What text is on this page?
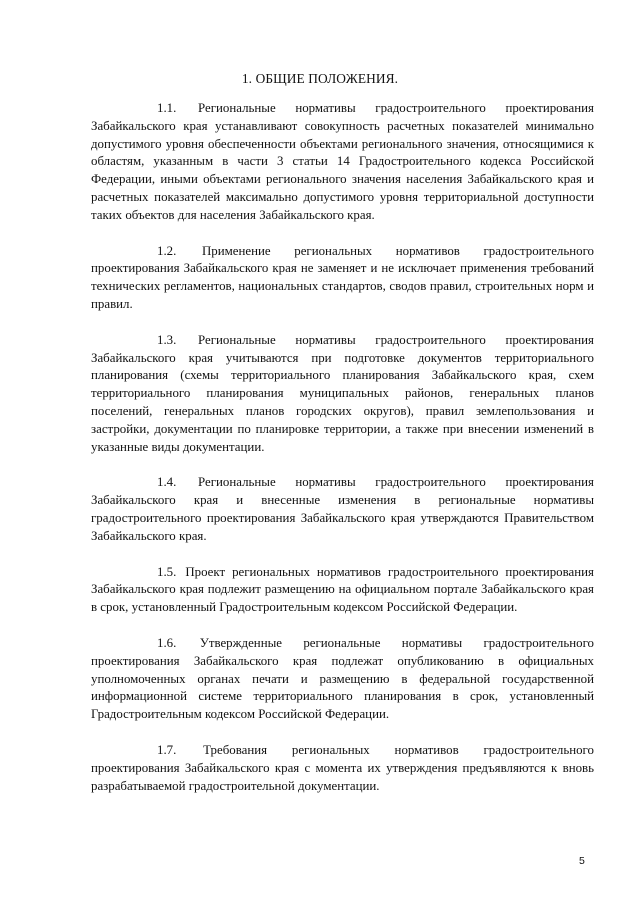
1. ОБЩИЕ ПОЛОЖЕНИЯ.

1.1. Региональные нормативы градостроительного проектирования Забайкальского края устанавливают совокупность расчетных показателей минимально допустимого уровня обеспеченности объектами регионального значения, относящимися к областям, указанным в части 3 статьи 14 Градостроительного кодекса Российской Федерации, иными объектами регионального значения населения Забайкальского края и расчетных показателей максимально допустимого уровня территориальной доступности таких объектов для населения Забайкальского края.

1.2. Применение региональных нормативов градостроительного проектирования Забайкальского края не заменяет и не исключает применения требований технических регламентов, национальных стандартов, сводов правил, строительных норм и правил.

1.3. Региональные нормативы градостроительного проектирования Забайкальского края учитываются при подготовке документов территориального планирования (схемы территориального планирования Забайкальского края, схем территориального планирования муниципальных районов, генеральных планов поселений, генеральных планов городских округов), правил землепользования и застройки, документации по планировке территории, а также при внесении изменений в указанные виды документации.

1.4. Региональные нормативы градостроительного проектирования Забайкальского края и внесенные изменения в региональные нормативы градостроительного проектирования Забайкальского края утверждаются Правительством Забайкальского края.

1.5. Проект региональных нормативов градостроительного проектирования Забайкальского края подлежит размещению на официальном портале Забайкальского края в срок, установленный Градостроительным кодексом Российской Федерации.

1.6. Утвержденные региональные нормативы градостроительного проектирования Забайкальского края подлежат опубликованию в официальных уполномоченных органах печати и размещению в федеральной государственной информационной системе территориального планирования в срок, установленный Градостроительным кодексом Российской Федерации.

1.7. Требования региональных нормативов градостроительного проектирования Забайкальского края с момента их утверждения предъявляются к вновь разрабатываемой градостроительной документации.

5
